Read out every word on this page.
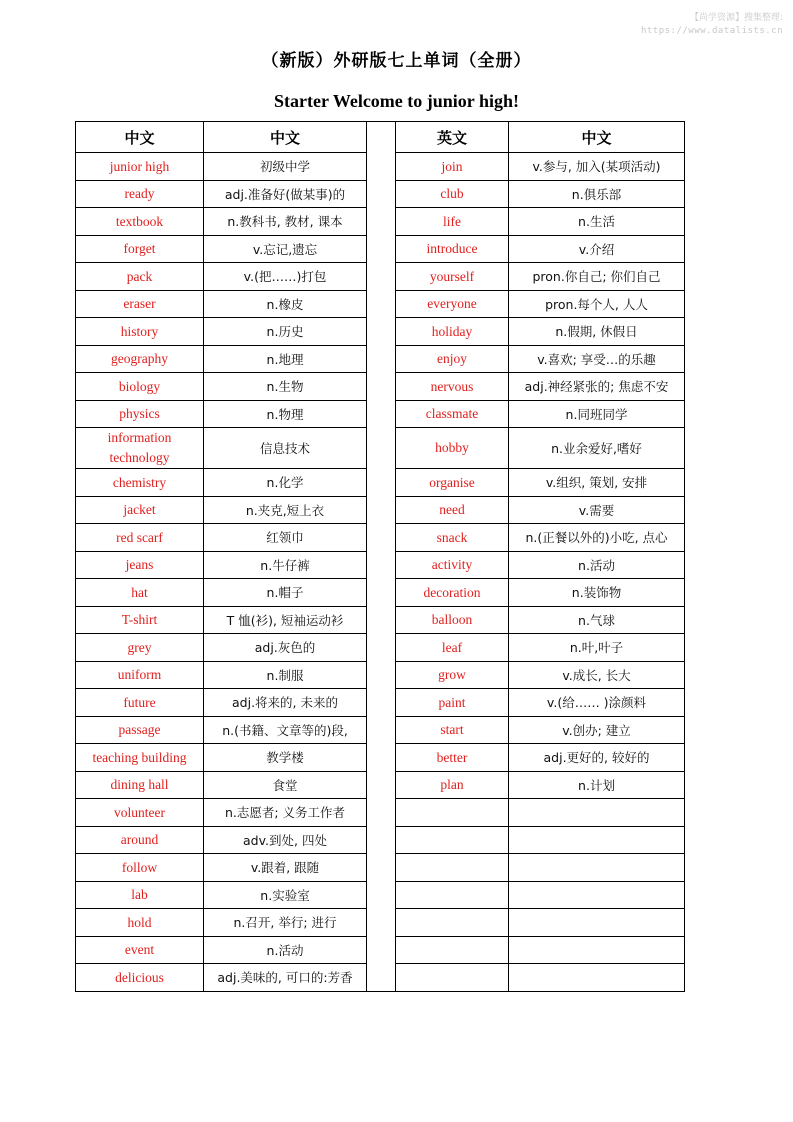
【尚学资源】搜集整理:
https://www.datalists.cn
（新版）外研版七上单词（全册）
Starter Welcome to junior high!
中文	中文		英文	中文
junior high	初级中学		join	v.参与, 加入(某项活动)
ready	adj.准备好(做某事)的		club	n.俱乐部
textbook	n.教科书, 教材, 课本		life	n.生活
forget	v.忘记,遗忘		introduce	v.介绍
pack	v.(把……)打包		yourself	pron.你自己; 你们自己
eraser	n.橡皮		everyone	pron.每个人, 人人
history	n.历史		holiday	n.假期, 休假日
geography	n.地理		enjoy	v.喜欢; 享受…的乐趣
biology	n.生物		nervous	adj.神经紧张的; 焦虑不安
physics	n.物理		classmate	n.同班同学

information technology	信息技术		hobby	n.业余爱好,嗜好
chemistry	n.化学		organise	v.组织, 策划, 安排
jacket	n.夹克,短上衣		need	v.需要
red scarf	红领巾		snack	n.(正餐以外的)小吃, 点心
jeans	n.牛仔裤		activity	n.活动
hat	n.帽子		decoration	n.装饰物
T-shirt	T 恤(衫), 短袖运动衫		balloon	n.气球
grey	adj.灰色的		leaf	n.叶,叶子
uniform	n.制服		grow	v.成长, 长大
future	adj.将来的, 未来的		paint	v.(给…… )涂颜料
passage	n.(书籍、文章等的)段,		start	v.创办; 建立
teaching building	教学楼		better	adj.更好的, 较好的
dining hall	食堂		plan	n.计划
volunteer	n.志愿者; 义务工作者			
around	adv.到处, 四处			
follow	v.跟着, 跟随			
lab	n.实验室			
hold	n.召开, 举行; 进行			
event	n.活动			
delicious	adj.美味的, 可口的:芳香			
